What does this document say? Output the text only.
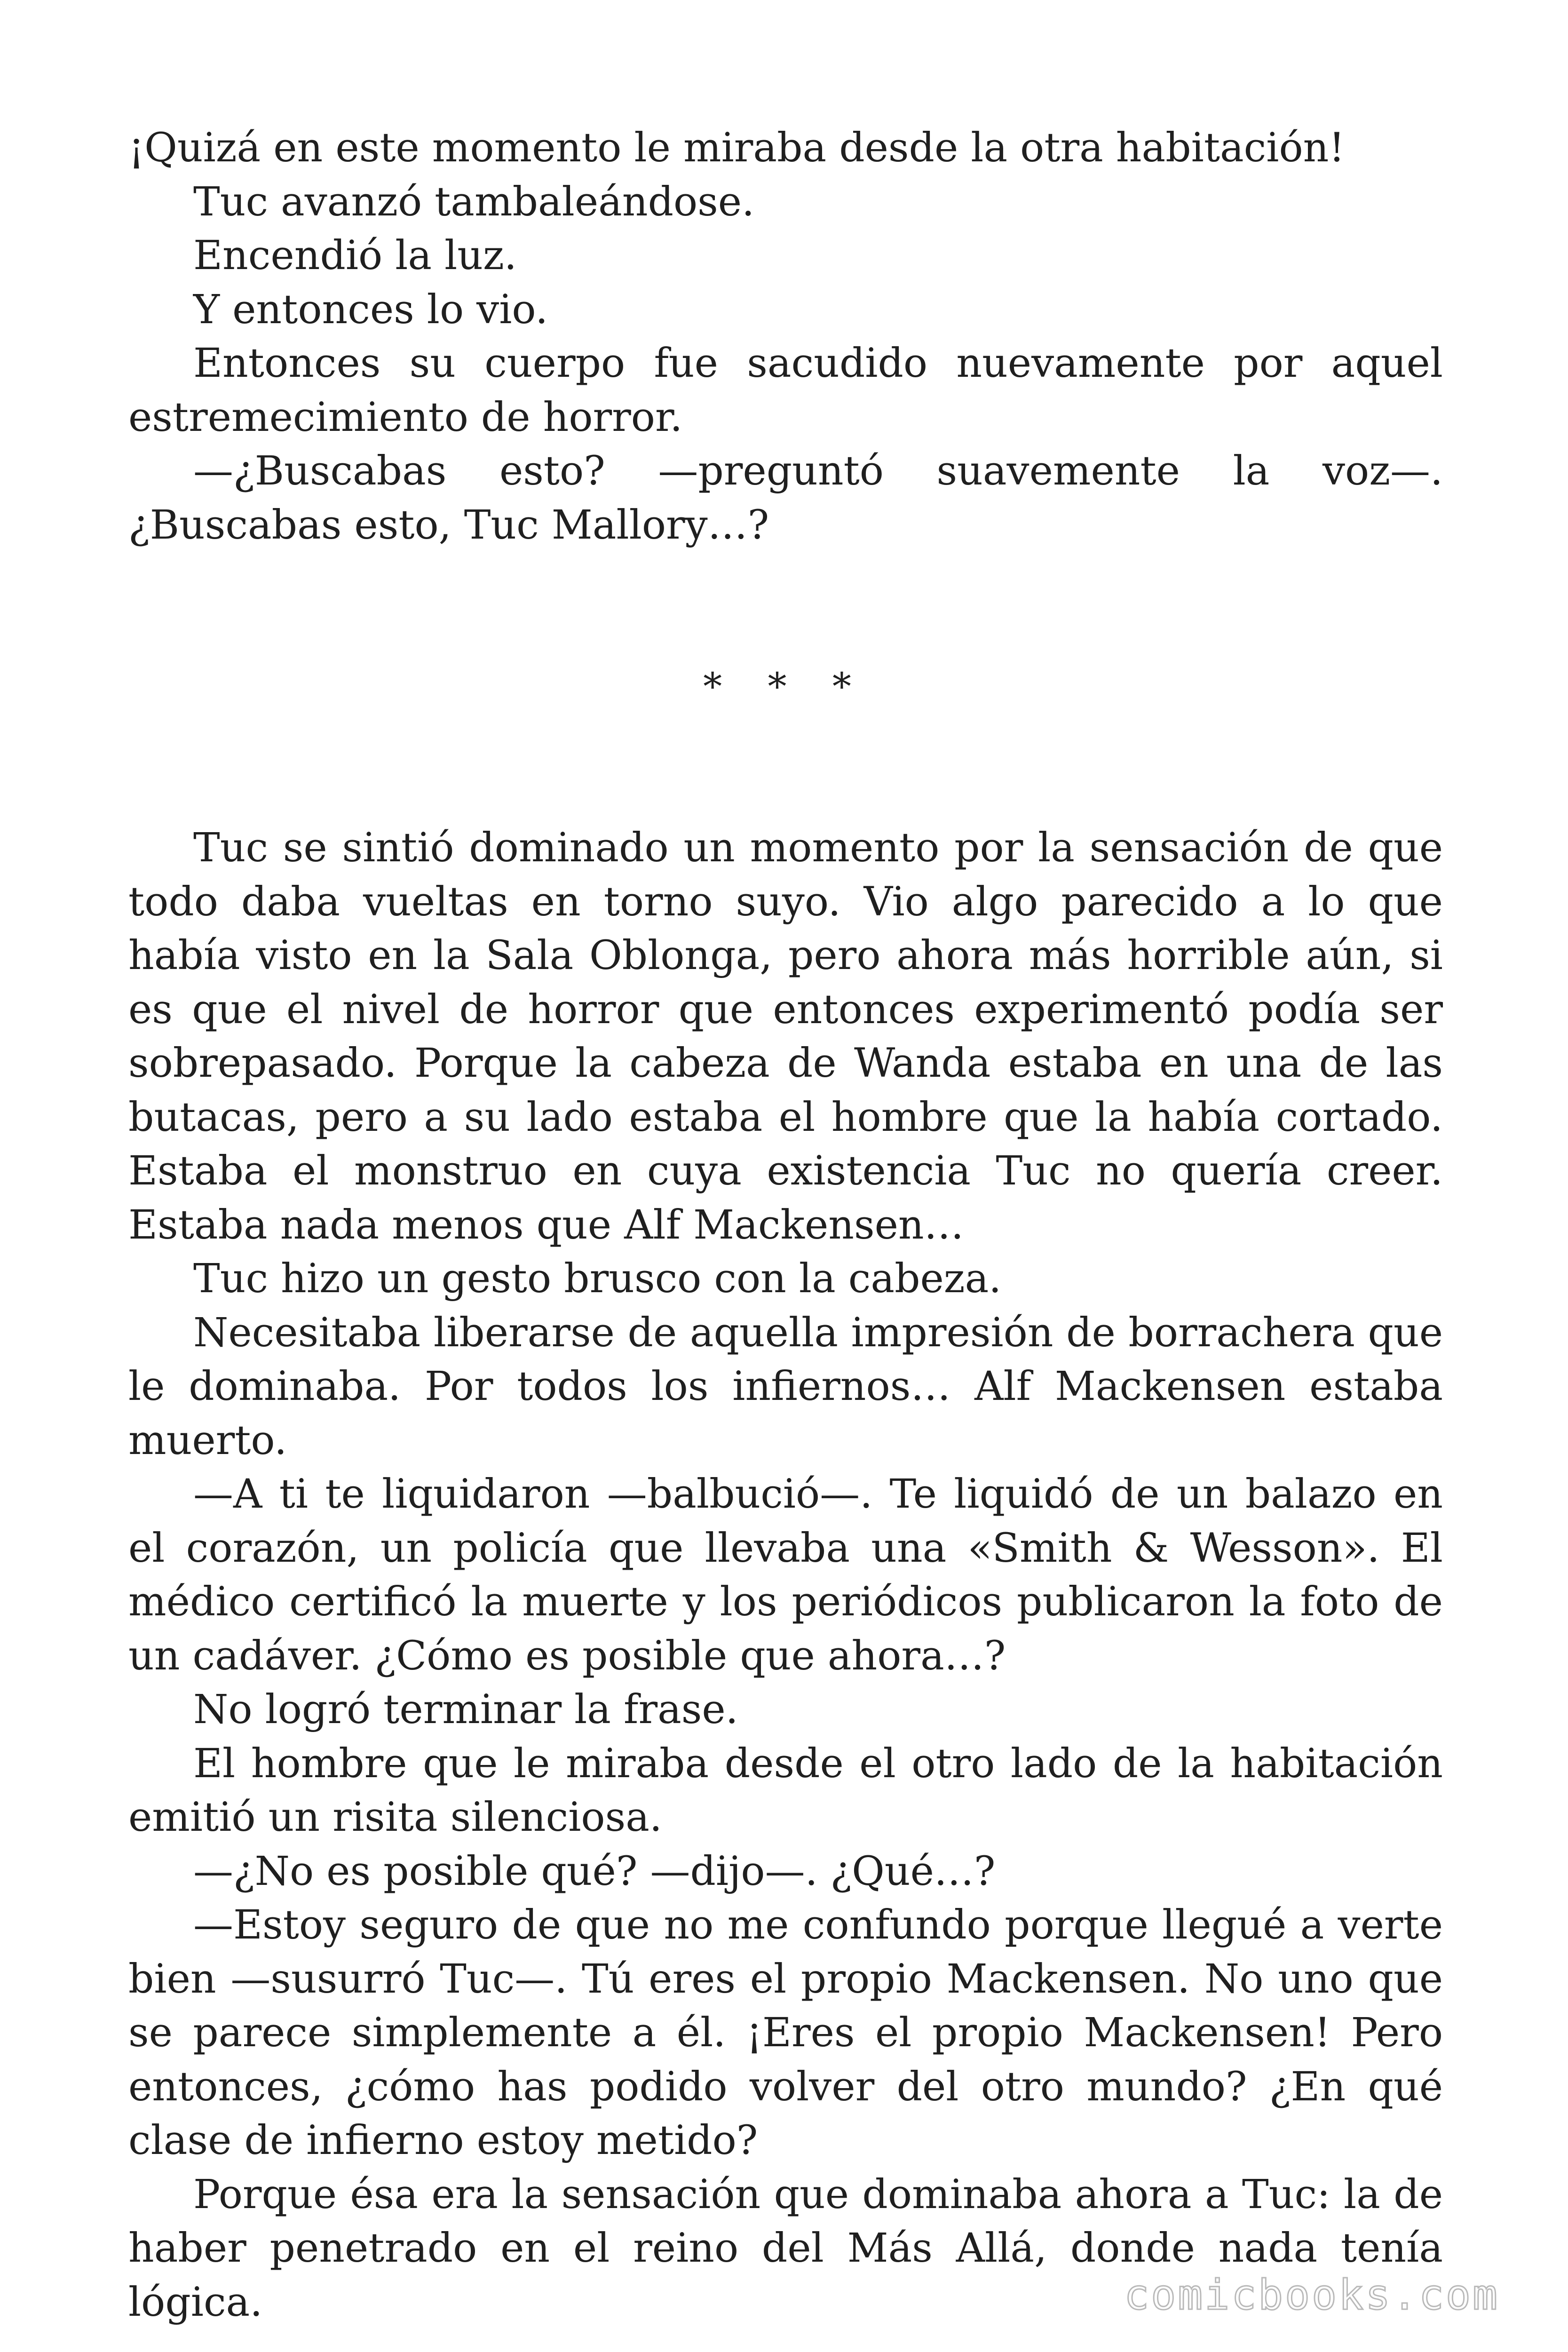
¡Quizá en este momento le miraba desde la otra habitación!

Tuc avanzó tambaleándose.

Encendió la luz.

Y entonces lo vio.

Entonces su cuerpo fue sacudido nuevamente por aquel estremecimiento de horror.

—¿Buscabas esto? —preguntó suavemente la voz—. ¿Buscabas esto, Tuc Mallory…?

* * *

Tuc se sintió dominado un momento por la sensación de que todo daba vueltas en torno suyo. Vio algo parecido a lo que había visto en la Sala Oblonga, pero ahora más horrible aún, si es que el nivel de horror que entonces experimentó podía ser sobrepasado. Porque la cabeza de Wanda estaba en una de las butacas, pero a su lado estaba el hombre que la había cortado. Estaba el monstruo en cuya existencia Tuc no quería creer. Estaba nada menos que Alf Mackensen…

Tuc hizo un gesto brusco con la cabeza.

Necesitaba liberarse de aquella impresión de borrachera que le dominaba. Por todos los infiernos… Alf Mackensen estaba muerto.

—A ti te liquidaron —balbució—. Te liquidó de un balazo en el corazón, un policía que llevaba una «Smith & Wesson». El médico certificó la muerte y los periódicos publicaron la foto de un cadáver. ¿Cómo es posible que ahora…?

No logró terminar la frase.

El hombre que le miraba desde el otro lado de la habitación emitió un risita silenciosa.

—¿No es posible qué? —dijo—. ¿Qué…?

—Estoy seguro de que no me confundo porque llegué a verte bien —susurró Tuc—. Tú eres el propio Mackensen. No uno que se parece simplemente a él. ¡Eres el propio Mackensen! Pero entonces, ¿cómo has podido volver del otro mundo? ¿En qué clase de infierno estoy metido?

Porque ésa era la sensación que dominaba ahora a Tuc: la de haber penetrado en el reino del Más Allá, donde nada tenía lógica.	comicbooks.com
